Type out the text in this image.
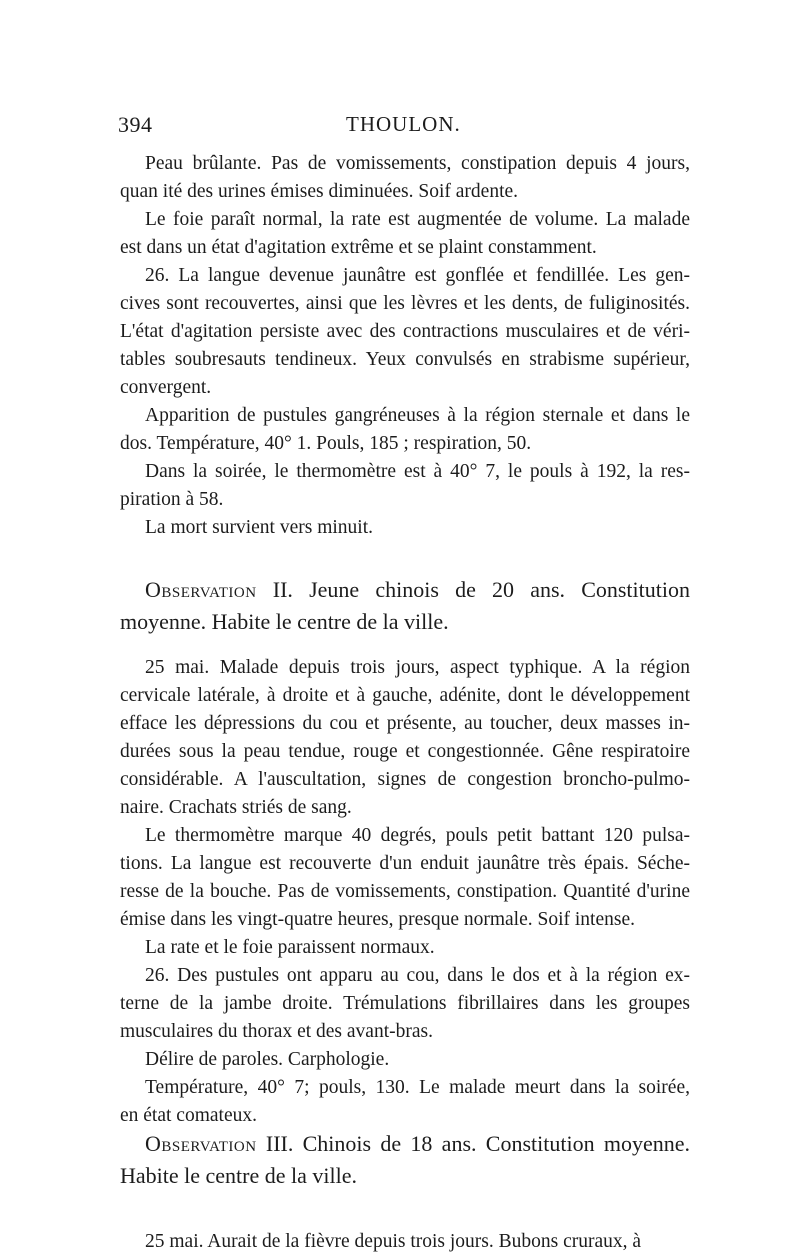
394	THOULON.
Peau brûlante. Pas de vomissements, constipation depuis 4 jours,
quan ité des urines émises diminuées. Soif ardente.
Le foie paraît normal, la rate est augmentée de volume. La malade
est dans un état d'agitation extrême et se plaint constamment.
26. La langue devenue jaunâtre est gonflée et fendillée. Les gen-
cives sont recouvertes, ainsi que les lèvres et les dents, de fuliginosités.
L'état d'agitation persiste avec des contractions musculaires et de véri-
tables soubresauts tendineux. Yeux convulsés en strabisme supérieur,
convergent.
Apparition de pustules gangréneuses à la région sternale et dans le
dos. Température, 40° 1. Pouls, 185 ; respiration, 50.
Dans la soirée, le thermomètre est à 40° 7, le pouls à 192, la res-
piration à 58.
La mort survient vers minuit.
Observation II. Jeune chinois de 20 ans. Constitution
moyenne. Habite le centre de la ville.
25 mai. Malade depuis trois jours, aspect typhique. A la région
cervicale latérale, à droite et à gauche, adénite, dont le développement
efface les dépressions du cou et présente, au toucher, deux masses in-
durées sous la peau tendue, rouge et congestionnée. Gêne respiratoire
considérable. A l'auscultation, signes de congestion broncho-pulmo-
naire. Crachats striés de sang.
Le thermomètre marque 40 degrés, pouls petit battant 120 pulsa-
tions. La langue est recouverte d'un enduit jaunâtre très épais. Séche-
resse de la bouche. Pas de vomissements, constipation. Quantité d'urine
émise dans les vingt-quatre heures, presque normale. Soif intense.
La rate et le foie paraissent normaux.
26. Des pustules ont apparu au cou, dans le dos et à la région ex-
terne de la jambe droite. Trémulations fibrillaires dans les groupes
musculaires du thorax et des avant-bras.
Délire de paroles. Carphologie.
Température, 40° 7; pouls, 130. Le malade meurt dans la soirée,
en état comateux.
Observation III. Chinois de 18 ans. Constitution moyenne.
Habite le centre de la ville.
25 mai. Aurait de la fièvre depuis trois jours. Bubons cruraux, à
